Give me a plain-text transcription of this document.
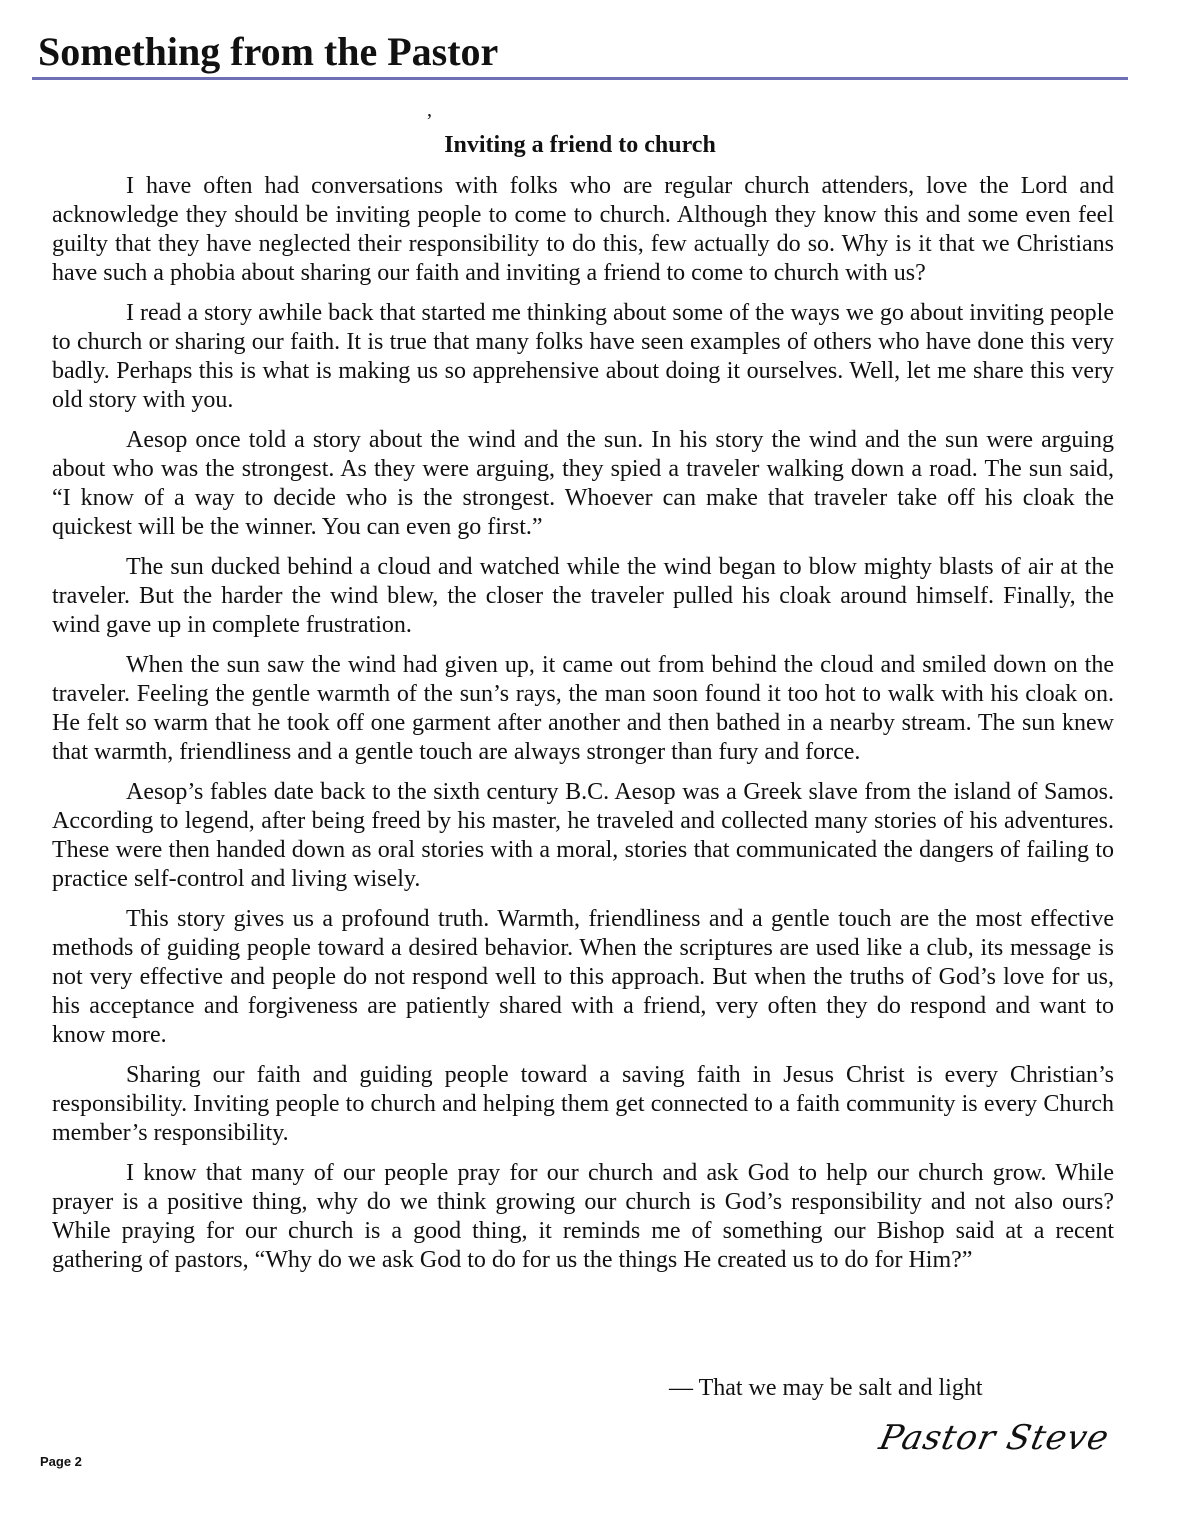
Something from the Pastor
,
Inviting a friend to church

I have often had conversations with folks who are regular church attenders, love the Lord and acknowledge they should be inviting people to come to church. Although they know this and some even feel guilty that they have neglected their responsibility to do this, few actually do so. Why is it that we Christians have such a phobia about sharing our faith and inviting a friend to come to church with us?

I read a story awhile back that started me thinking about some of the ways we go about inviting people to church or sharing our faith. It is true that many folks have seen examples of others who have done this very badly. Perhaps this is what is making us so apprehensive about doing it ourselves. Well, let me share this very old story with you.

Aesop once told a story about the wind and the sun. In his story the wind and the sun were arguing about who was the strongest. As they were arguing, they spied a traveler walking down a road. The sun said, “I know of a way to decide who is the strongest. Whoever can make that traveler take off his cloak the quickest will be the winner. You can even go first.”

The sun ducked behind a cloud and watched while the wind began to blow mighty blasts of air at the traveler. But the harder the wind blew, the closer the traveler pulled his cloak around himself. Finally, the wind gave up in complete frustration.

When the sun saw the wind had given up, it came out from behind the cloud and smiled down on the traveler. Feeling the gentle warmth of the sun’s rays, the man soon found it too hot to walk with his cloak on. He felt so warm that he took off one garment after another and then bathed in a nearby stream. The sun knew that warmth, friendliness and a gentle touch are always stronger than fury and force.

Aesop’s fables date back to the sixth century B.C. Aesop was a Greek slave from the island of Samos. According to legend, after being freed by his master, he traveled and collected many stories of his adventures. These were then handed down as oral stories with a moral, stories that communicated the dangers of failing to practice self-control and living wisely.

This story gives us a profound truth. Warmth, friendliness and a gentle touch are the most effective methods of guiding people toward a desired behavior. When the scriptures are used like a club, its message is not very effective and people do not respond well to this approach. But when the truths of God’s love for us, his acceptance and forgiveness are patiently shared with a friend, very often they do respond and want to know more.

Sharing our faith and guiding people toward a saving faith in Jesus Christ is every Christian’s responsibility. Inviting people to church and helping them get connected to a faith community is every Church member’s responsibility.

I know that many of our people pray for our church and ask God to help our church grow. While prayer is a positive thing, why do we think growing our church is God’s responsibility and not also ours? While praying for our church is a good thing, it reminds me of something our Bishop said at a recent gathering of pastors, “Why do we ask God to do for us the things He created us to do for Him?”

— That we may be salt and light
Pastor Steve
Page 2
